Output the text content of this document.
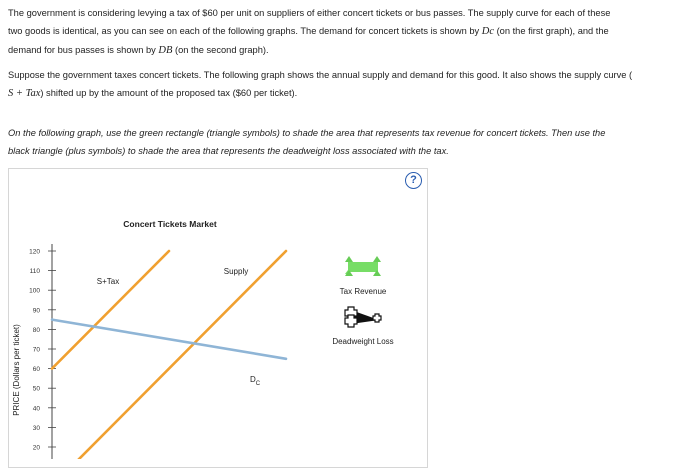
The government is considering levying a tax of $60 per unit on suppliers of either concert tickets or bus passes. The supply curve for each of these
two goods is identical, as you can see on each of the following graphs. The demand for concert tickets is shown by Dc (on the first graph), and the
demand for bus passes is shown by DB (on the second graph).

Suppose the government taxes concert tickets. The following graph shows the annual supply and demand for this good. It also shows the supply curve (
S + Tax) shifted up by the amount of the proposed tax ($60 per ticket).

On the following graph, use the green rectangle (triangle symbols) to shade the area that represents tax revenue for concert tickets. Then use the
black triangle (plus symbols) to shade the area that represents the deadweight loss associated with the tax.

?
Concert Tickets Market
PRICE (Dollars per ticket)
120
110
100
90
80
70
60
50
40
30
20
S+Tax
Supply
$D_C$
Tax Revenue
Deadweight Loss
